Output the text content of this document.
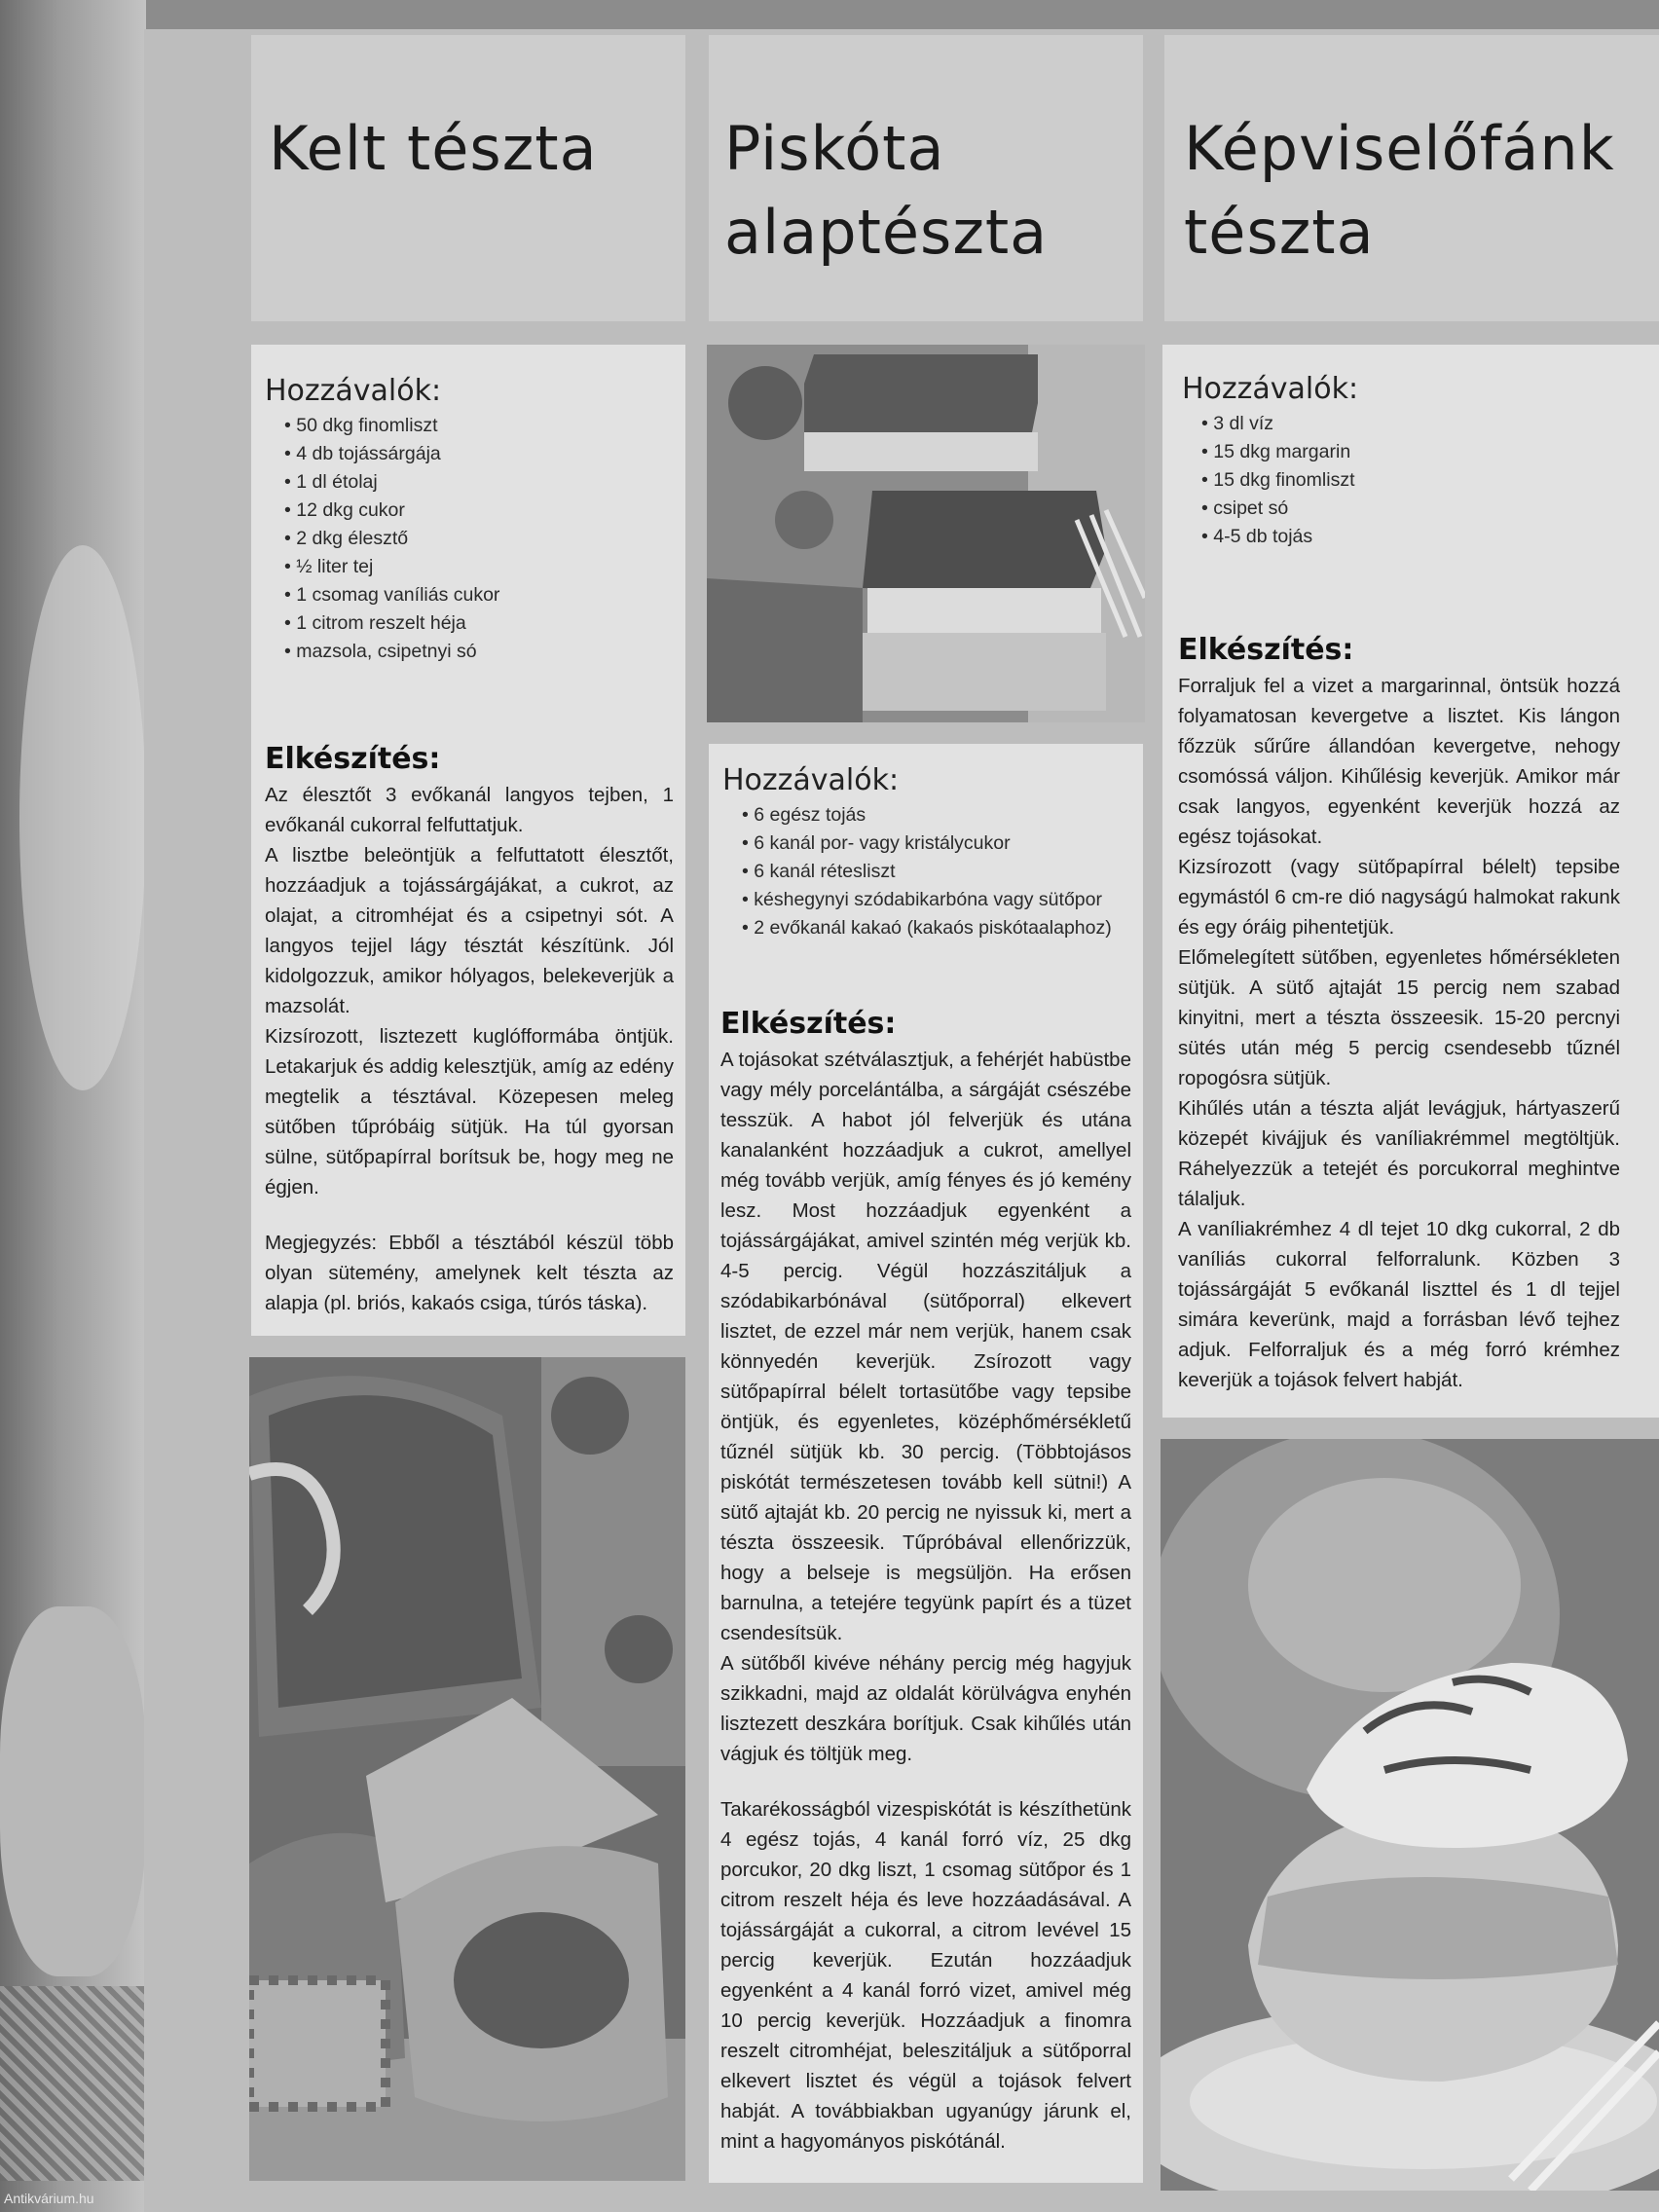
Kelt tészta
Hozzávalók:
• 50 dkg finomliszt
• 4 db tojássárgája
• 1 dl étolaj
• 12 dkg cukor
• 2 dkg élesztő
• ½ liter tej
• 1 csomag vaníliás cukor
• 1 citrom reszelt héja
• mazsola, csipetnyi só
Elkészítés:

Az élesztőt 3 evőkanál langyos tejben, 1 evőkanál cukorral felfuttatjuk.

A lisztbe beleöntjük a felfuttatott élesztőt, hozzáadjuk a tojássárgájákat, a cukrot, az olajat, a citromhéjat és a csipetnyi sót. A langyos tejjel lágy tésztát készítünk. Jól kidolgozzuk, amikor hólyagos, belekeverjük a mazsolát.

Kizsírozott, lisztezett kuglófformába öntjük. Letakarjuk és addig kelesztjük, amíg az edény megtelik a tésztával. Közepesen meleg sütőben tűpróbáig sütjük. Ha túl gyorsan sülne, sütőpapírral borítsuk be, hogy meg ne égjen.

Megjegyzés: Ebből a tésztából készül több olyan sütemény, amelynek kelt tészta az alapja (pl. briós, kakaós csiga, túrós táska).

Piskóta
alaptészta
Hozzávalók:
• 6 egész tojás
• 6 kanál por- vagy kristálycukor
• 6 kanál rétesliszt
• késhegynyi szódabikarbóna vagy sütőpor
• 2 evőkanál kakaó (kakaós piskótaalaphoz)
Elkészítés:

A tojásokat szétválasztjuk, a fehérjét habüstbe vagy mély porcelántálba, a sárgáját csészébe tesszük. A habot jól felverjük és utána kanalanként hozzáadjuk a cukrot, amellyel még tovább verjük, amíg fényes és jó kemény lesz. Most hozzáadjuk egyenként a tojássárgájákat, amivel szintén még verjük kb. 4-5 percig. Végül hozzászitáljuk a szódabikarbónával (sütőporral) elkevert lisztet, de ezzel már nem verjük, hanem csak könnyedén keverjük. Zsírozott vagy sütőpapírral bélelt tortasütőbe vagy tepsibe öntjük, és egyenletes, középhőmérsékletű tűznél sütjük kb. 30 percig. (Többtojásos piskótát természetesen tovább kell sütni!) A sütő ajtaját kb. 20 percig ne nyissuk ki, mert a tészta összeesik. Tűpróbával ellenőrizzük, hogy a belseje is megsüljön. Ha erősen barnulna, a tetejére tegyünk papírt és a tüzet csendesítsük.

A sütőből kivéve néhány percig még hagyjuk szikkadni, majd az oldalát körülvágva enyhén lisztezett deszkára borítjuk. Csak kihűlés után vágjuk és töltjük meg.

Takarékosságból vizespiskótát is készíthetünk 4 egész tojás, 4 kanál forró víz, 25 dkg porcukor, 20 dkg liszt, 1 csomag sütőpor és 1 citrom reszelt héja és leve hozzáadásával. A tojássárgáját a cukorral, a citrom levével 15 percig keverjük. Ezután hozzáadjuk egyenként a 4 kanál forró vizet, amivel még 10 percig keverjük. Hozzáadjuk a finomra reszelt citromhéjat, beleszitáljuk a sütőporral elkevert lisztet és végül a tojások felvert habját. A továbbiakban ugyanúgy járunk el, mint a hagyományos piskótánál.

Képviselőfánk
tészta
Hozzávalók:
• 3 dl víz
• 15 dkg margarin
• 15 dkg finomliszt
• csipet só
• 4-5 db tojás
Elkészítés:

Forraljuk fel a vizet a margarinnal, öntsük hozzá folyamatosan kevergetve a lisztet. Kis lángon főzzük sűrűre állandóan kevergetve, nehogy csomóssá váljon. Kihűlésig keverjük. Amikor már csak langyos, egyenként keverjük hozzá az egész tojásokat.

Kizsírozott (vagy sütőpapírral bélelt) tepsibe egymástól 6 cm-re dió nagyságú halmokat rakunk és egy óráig pihentetjük.

Előmelegített sütőben, egyenletes hőmérsékleten sütjük. A sütő ajtaját 15 percig nem szabad kinyitni, mert a tészta összeesik. 15-20 percnyi sütés után még 5 percig csendesebb tűznél ropogósra sütjük.

Kihűlés után a tészta alját levágjuk, hártyaszerű közepét kivájjuk és vaníliakrémmel megtöltjük. Ráhelyezzük a tetejét és porcukorral meghintve tálaljuk.

A vaníliakrémhez 4 dl tejet 10 dkg cukorral, 2 db vaníliás cukorral felforralunk. Közben 3 tojássárgáját 5 evőkanál liszttel és 1 dl tejjel simára keverünk, majd a forrásban lévő tejhez adjuk. Felforraljuk és a még forró krémhez keverjük a tojások felvert habját.

Antikvárium.hu
